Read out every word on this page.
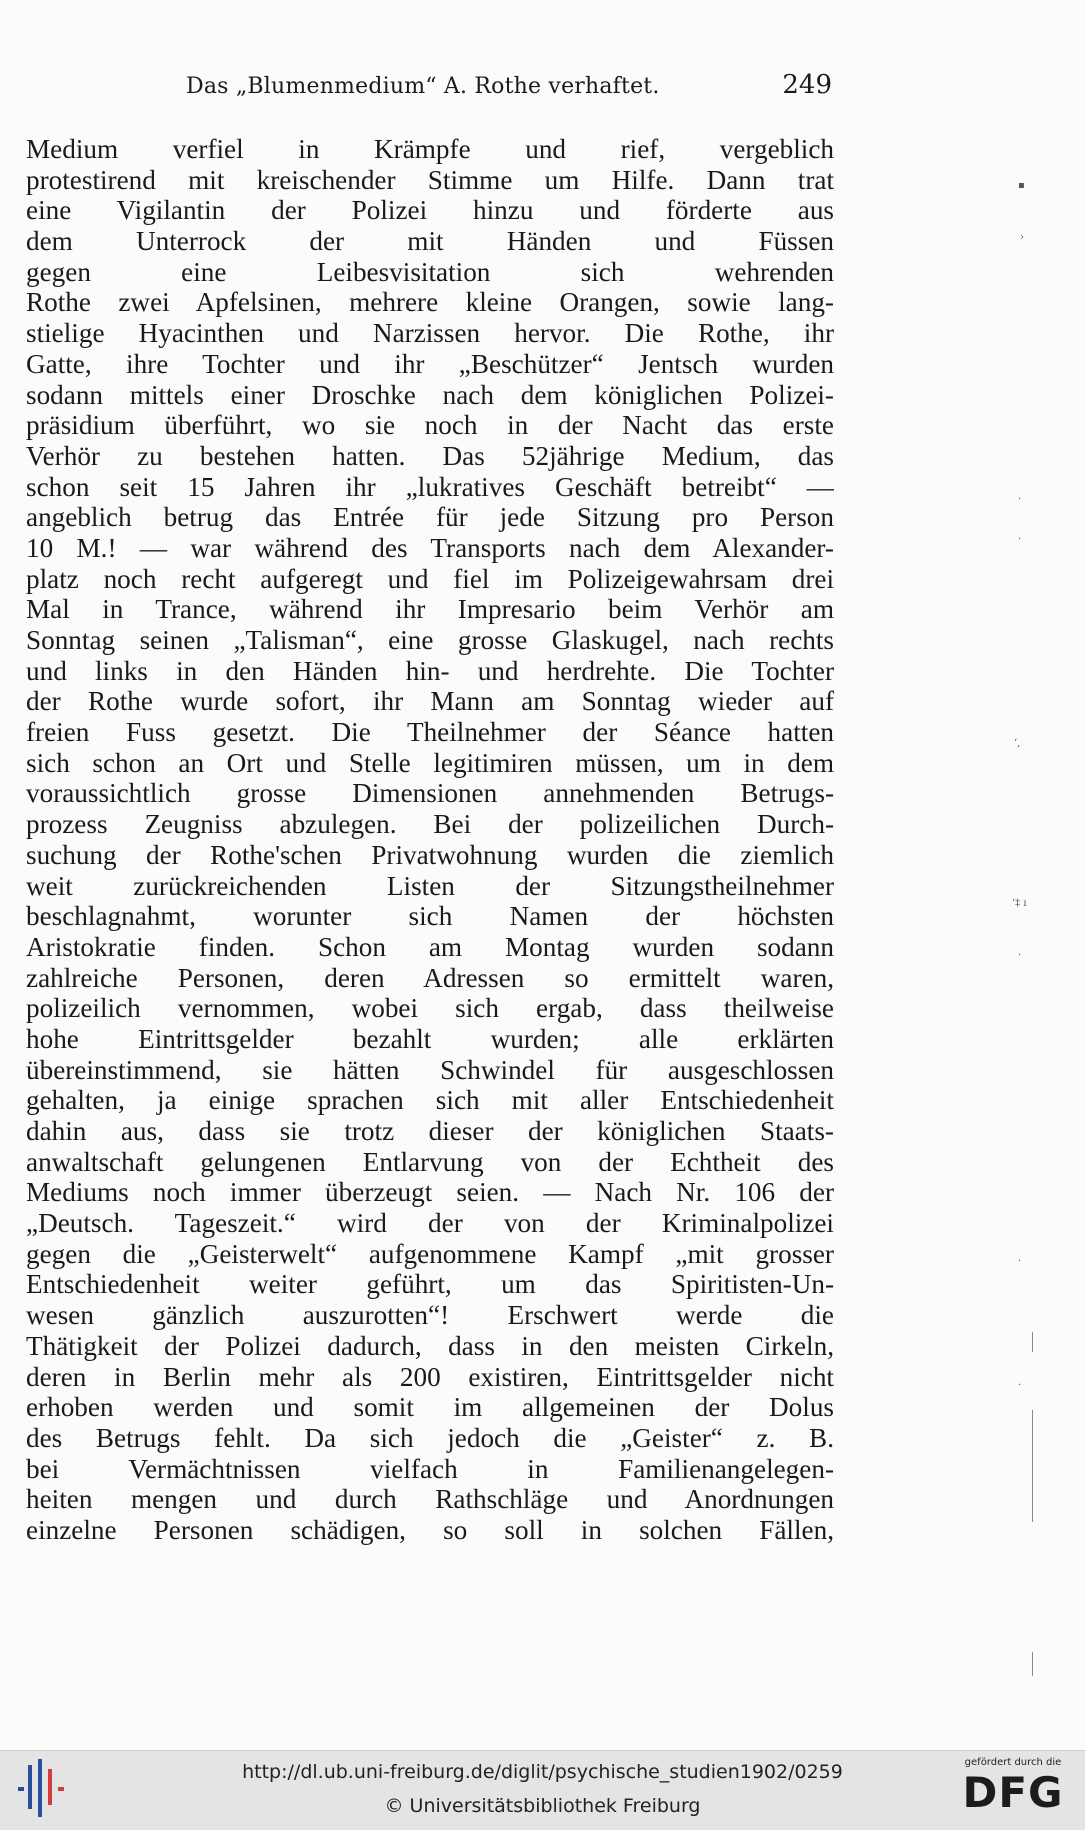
Das „Blumenmedium“ A. Rothe verhaftet.	249
Medium verfiel in Krämpfe und rief, vergeblich
protestirend mit kreischender Stimme um Hilfe. Dann trat
eine Vigilantin der Polizei hinzu und förderte aus
dem Unterrock der mit Händen und Füssen
gegen eine Leibesvisitation sich wehrenden
Rothe zwei Apfelsinen, mehrere kleine Orangen, sowie lang-
stielige Hyacinthen und Narzissen hervor. Die Rothe, ihr
Gatte, ihre Tochter und ihr „Beschützer“ Jentsch wurden
sodann mittels einer Droschke nach dem königlichen Polizei-
präsidium überführt, wo sie noch in der Nacht das erste
Verhör zu bestehen hatten. Das 52jährige Medium, das
schon seit 15 Jahren ihr „lukratives Geschäft betreibt“ —
angeblich betrug das Entrée für jede Sitzung pro Person
10 M.! — war während des Transports nach dem Alexander-
platz noch recht aufgeregt und fiel im Polizeigewahrsam drei
Mal in Trance, während ihr Impresario beim Verhör am
Sonntag seinen „Talisman“, eine grosse Glaskugel, nach rechts
und links in den Händen hin- und herdrehte. Die Tochter
der Rothe wurde sofort, ihr Mann am Sonntag wieder auf
freien Fuss gesetzt. Die Theilnehmer der Séance hatten
sich schon an Ort und Stelle legitimiren müssen, um in dem
voraussichtlich grosse Dimensionen annehmenden Betrugs-
prozess Zeugniss abzulegen. Bei der polizeilichen Durch-
suchung der Rothe'schen Privatwohnung wurden die ziemlich
weit zurückreichenden Listen der Sitzungstheilnehmer
beschlagnahmt, worunter sich Namen der höchsten
Aristokratie finden. Schon am Montag wurden sodann
zahlreiche Personen, deren Adressen so ermittelt waren,
polizeilich vernommen, wobei sich ergab, dass theilweise
hohe Eintrittsgelder bezahlt wurden; alle erklärten
übereinstimmend, sie hätten Schwindel für ausgeschlossen
gehalten, ja einige sprachen sich mit aller Entschiedenheit
dahin aus, dass sie trotz dieser der königlichen Staats-
anwaltschaft gelungenen Entlarvung von der Echtheit des
Mediums noch immer überzeugt seien. — Nach Nr. 106 der
„Deutsch. Tageszeit.“ wird der von der Kriminalpolizei
gegen die „Geisterwelt“ aufgenommene Kampf „mit grosser
Entschiedenheit weiter geführt, um das Spiritisten-Un-
wesen gänzlich auszurotten“! Erschwert werde die
Thätigkeit der Polizei dadurch, dass in den meisten Cirkeln,
deren in Berlin mehr als 200 existiren, Eintrittsgelder nicht
erhoben werden und somit im allgemeinen der Dolus
des Betrugs fehlt. Da sich jedoch die „Geister“ z. B.
bei Vermächtnissen vielfach in Familienangelegen-
heiten mengen und durch Rathschläge und Anordnungen
einzelne Personen schädigen, so soll in solchen Fällen,
▪
›
·
·
ʻ,
ʻ‡ ı
·
·
·
http://dl.ub.uni-freiburg.de/diglit/psychische_studien1902/0259
© Universitätsbibliothek Freiburg
gefördert durch die
DFG
